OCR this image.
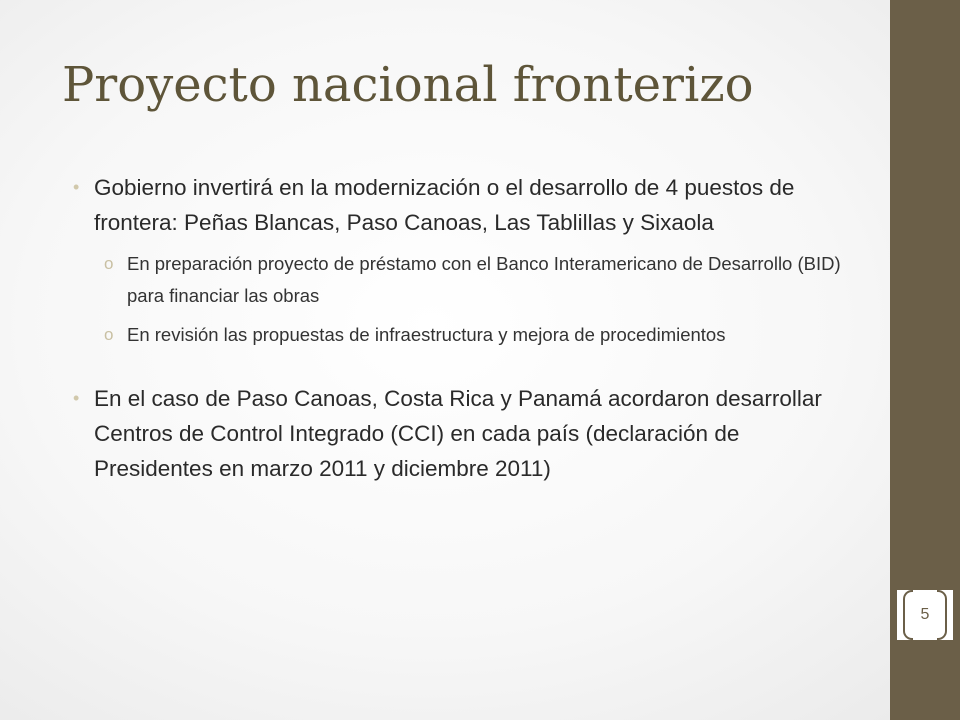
Proyecto nacional fronterizo
• Gobierno invertirá en la modernización o el desarrollo de 4 puestos de frontera: Peñas Blancas, Paso Canoas, Las Tablillas y Sixaola
o En preparación proyecto de préstamo con el Banco Interamericano de Desarrollo (BID) para financiar las obras
o En revisión las propuestas de infraestructura y mejora de procedimientos
• En el caso de Paso Canoas, Costa Rica y Panamá acordaron desarrollar Centros de Control Integrado (CCI) en cada país (declaración de Presidentes en marzo 2011 y diciembre 2011)
5
